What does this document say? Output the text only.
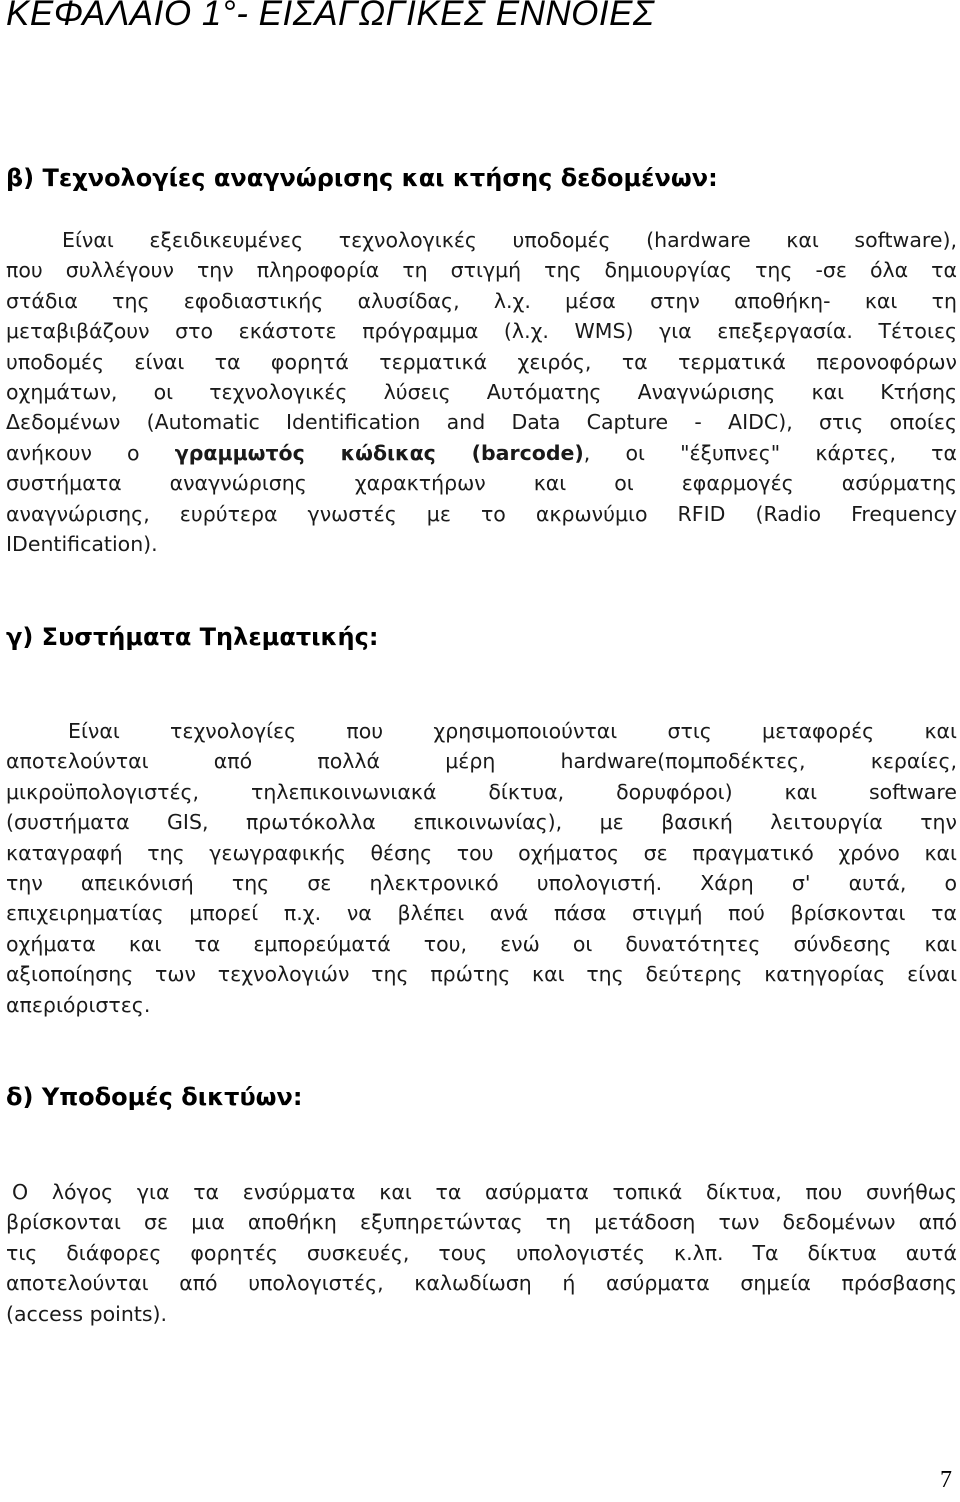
ΚΕΦΑΛΑΙΟ 1°- ΕΙΣΑΓΩΓΙΚΕΣ ΕΝΝΟΙΕΣ
β) Τεχνολογίες αναγνώρισης και κτήσης δεδομένων:
Είναι εξειδικευμένες τεχνολογικές υποδομές (hardware και software),
που συλλέγουν την πληροφορία τη στιγμή της δημιουργίας της -σε όλα τα
στάδια της εφοδιαστικής αλυσίδας, λ.χ. μέσα στην αποθήκη- και τη
μεταβιβάζουν στο εκάστοτε πρόγραμμα (λ.χ. WMS) για επεξεργασία. Τέτοιες
υποδομές είναι τα φορητά τερματικά χειρός, τα τερματικά περονοφόρων
οχημάτων, οι τεχνολογικές λύσεις Αυτόματης Αναγνώρισης και Κτήσης
Δεδομένων (Automatic Identification and Data Capture - AIDC), στις οποίες
ανήκουν ο γραμμωτός κώδικας (barcode), οι "έξυπνες" κάρτες, τα
συστήματα αναγνώρισης χαρακτήρων και οι εφαρμογές ασύρματης
αναγνώρισης, ευρύτερα γνωστές με το ακρωνύμιο RFID (Radio Frequency
IDentification).
γ) Συστήματα Τηλεματικής:
Είναι τεχνολογίες που χρησιμοποιούνται στις μεταφορές και
αποτελούνται από πολλά μέρη hardware(πομποδέκτες, κεραίες,
μικροϋπολογιστές, τηλεπικοινωνιακά δίκτυα, δορυφόροι) και software
(συστήματα GIS, πρωτόκολλα επικοινωνίας), με βασική λειτουργία την
καταγραφή της γεωγραφικής θέσης του οχήματος σε πραγματικό χρόνο και
την απεικόνισή της σε ηλεκτρονικό υπολογιστή. Χάρη σ' αυτά, ο
επιχειρηματίας μπορεί π.χ. να βλέπει ανά πάσα στιγμή πού βρίσκονται τα
οχήματα και τα εμπορεύματά του, ενώ οι δυνατότητες σύνδεσης και
αξιοποίησης των τεχνολογιών της πρώτης και της δεύτερης κατηγορίας είναι
απεριόριστες.
δ) Υποδομές δικτύων:
Ο λόγος για τα ενσύρματα και τα ασύρματα τοπικά δίκτυα, που συνήθως
βρίσκονται σε μια αποθήκη εξυπηρετώντας τη μετάδοση των δεδομένων από
τις διάφορες φορητές συσκευές, τους υπολογιστές κ.λπ. Τα δίκτυα αυτά
αποτελούνται από υπολογιστές, καλωδίωση ή ασύρματα σημεία πρόσβασης
(access points).
7
